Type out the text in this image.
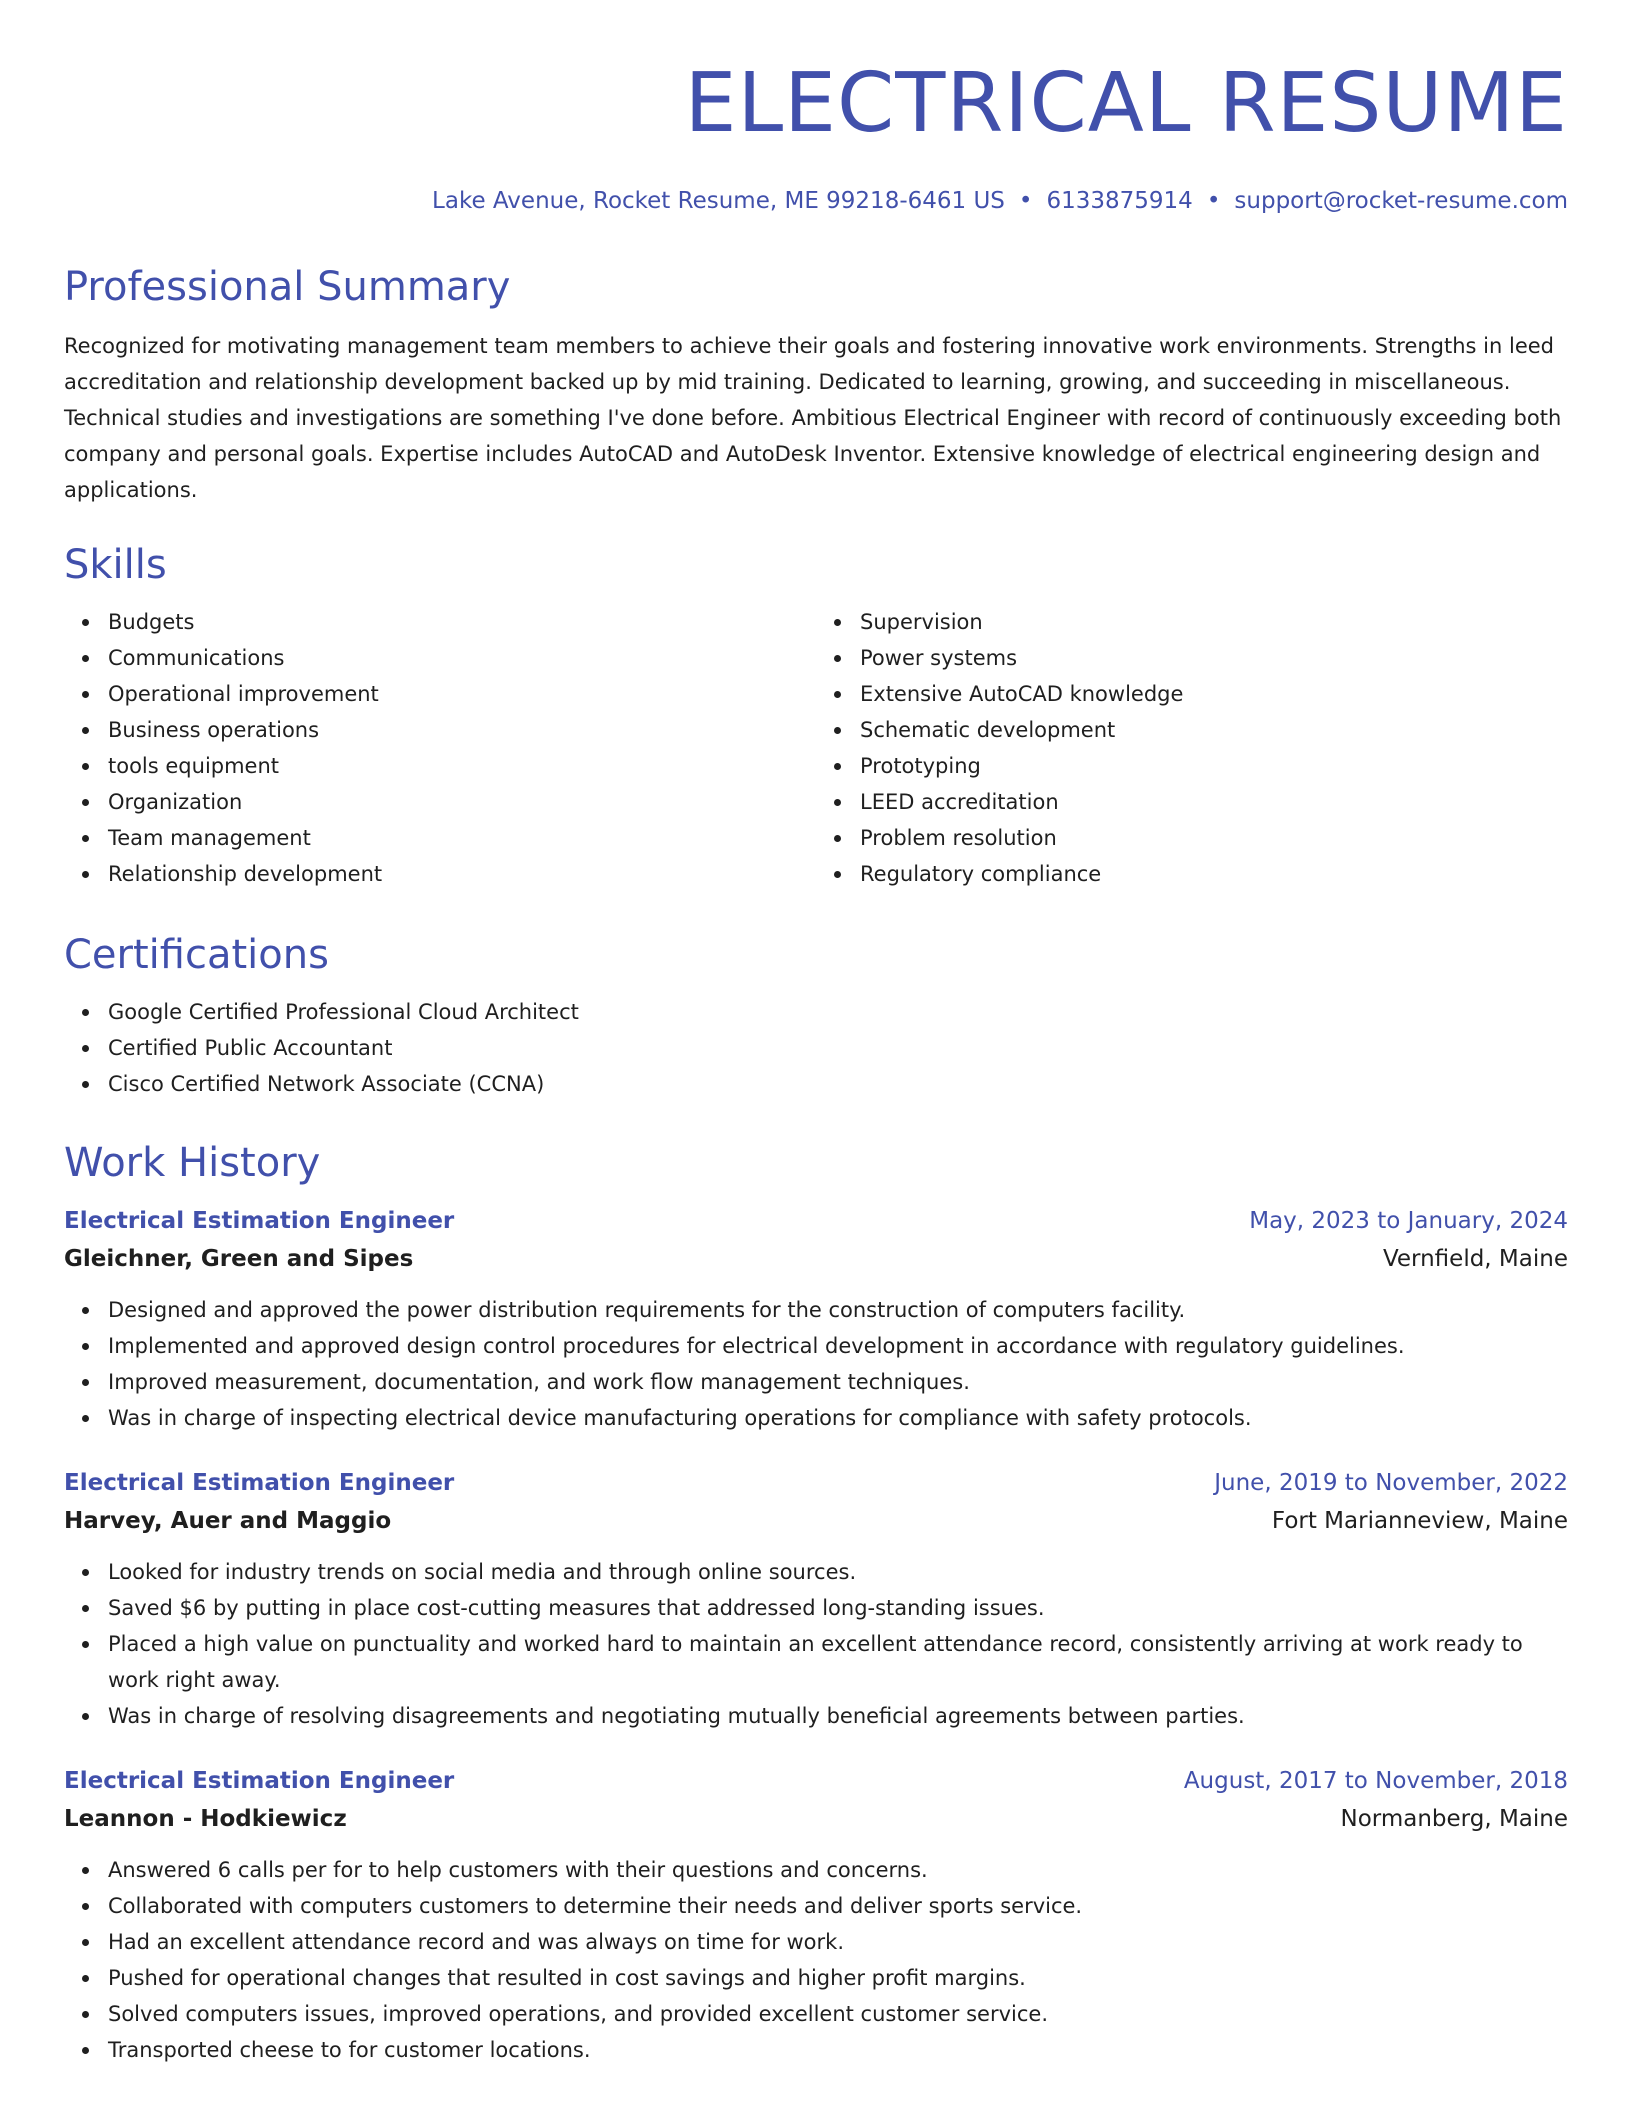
ELECTRICAL RESUME
Lake Avenue, Rocket Resume, ME 99218-6461 US • 6133875914 • support@rocket-resume.com
Professional Summary

Recognized for motivating management team members to achieve their goals and fostering innovative work environments. Strengths in leed accreditation and relationship development backed up by mid training. Dedicated to learning, growing, and succeeding in miscellaneous. Technical studies and investigations are something I've done before. Ambitious Electrical Engineer with record of continuously exceeding both company and personal goals. Expertise includes AutoCAD and AutoDesk Inventor. Extensive knowledge of electrical engineering design and applications.

Skills
Budgets
Communications
Operational improvement
Business operations
tools equipment
Organization
Team management
Relationship development
Supervision
Power systems
Extensive AutoCAD knowledge
Schematic development
Prototyping
LEED accreditation
Problem resolution
Regulatory compliance
Certifications
Google Certified Professional Cloud Architect
Certified Public Accountant
Cisco Certified Network Associate (CCNA)
Work History
Electrical Estimation Engineer	May, 2023 to January, 2024
Gleichner, Green and Sipes	Vernfield, Maine
Designed and approved the power distribution requirements for the construction of computers facility.
Implemented and approved design control procedures for electrical development in accordance with regulatory guidelines.
Improved measurement, documentation, and work flow management techniques.
Was in charge of inspecting electrical device manufacturing operations for compliance with safety protocols.
Electrical Estimation Engineer	June, 2019 to November, 2022
Harvey, Auer and Maggio	Fort Marianneview, Maine
Looked for industry trends on social media and through online sources.
Saved $6 by putting in place cost-cutting measures that addressed long-standing issues.
Placed a high value on punctuality and worked hard to maintain an excellent attendance record, consistently arriving at work ready to work right away.
Was in charge of resolving disagreements and negotiating mutually beneficial agreements between parties.
Electrical Estimation Engineer	August, 2017 to November, 2018
Leannon - Hodkiewicz	Normanberg, Maine
Answered 6 calls per for to help customers with their questions and concerns.
Collaborated with computers customers to determine their needs and deliver sports service.
Had an excellent attendance record and was always on time for work.
Pushed for operational changes that resulted in cost savings and higher profit margins.
Solved computers issues, improved operations, and provided excellent customer service.
Transported cheese to for customer locations.
